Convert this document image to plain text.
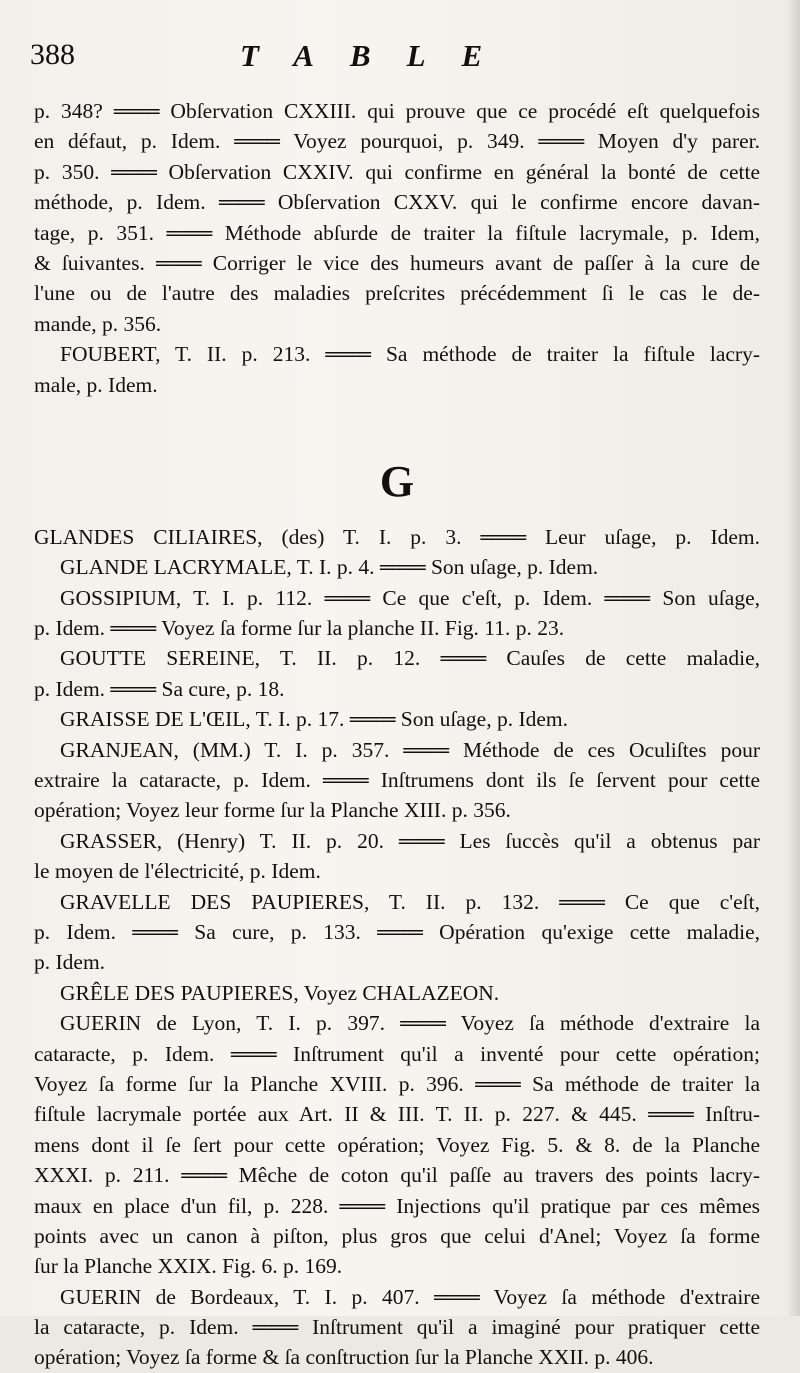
388	TABLE
p. 348? ═══ Obſervation CXXIII. qui prouve que ce procédé eſt quelquefois
en défaut, p. Idem. ═══ Voyez pourquoi, p. 349. ═══ Moyen d'y parer.
p. 350. ═══ Obſervation CXXIV. qui confirme en général la bonté de cette
méthode, p. Idem. ═══ Obſervation CXXV. qui le confirme encore davan-
tage, p. 351. ═══ Méthode abſurde de traiter la fiſtule lacrymale, p. Idem,
& ſuivantes. ═══ Corriger le vice des humeurs avant de paſſer à la cure de
l'une ou de l'autre des maladies preſcrites précédemment ſi le cas le de-
mande, p. 356.
FOUBERT, T. II. p. 213. ═══ Sa méthode de traiter la fiſtule lacry-
male, p. Idem.
G
GLANDES CILIAIRES, (des) T. I. p. 3. ═══ Leur uſage, p. Idem.
GLANDE LACRYMALE, T. I. p. 4. ═══ Son uſage, p. Idem.
GOSSIPIUM, T. I. p. 112. ═══ Ce que c'eſt, p. Idem. ═══ Son uſage,
p. Idem. ═══ Voyez ſa forme ſur la planche II. Fig. 11. p. 23.
GOUTTE SEREINE, T. II. p. 12. ═══ Cauſes de cette maladie,
p. Idem. ═══ Sa cure, p. 18.
GRAISSE DE L'ŒIL, T. I. p. 17. ═══ Son uſage, p. Idem.
GRANJEAN, (MM.) T. I. p. 357. ═══ Méthode de ces Oculiſtes pour
extraire la cataracte, p. Idem. ═══ Inſtrumens dont ils ſe ſervent pour cette
opération; Voyez leur forme ſur la Planche XIII. p. 356.
GRASSER, (Henry) T. II. p. 20. ═══ Les ſuccès qu'il a obtenus par
le moyen de l'électricité, p. Idem.
GRAVELLE DES PAUPIERES, T. II. p. 132. ═══ Ce que c'eſt,
p. Idem. ═══ Sa cure, p. 133. ═══ Opération qu'exige cette maladie,
p. Idem.
GRÊLE DES PAUPIERES, Voyez CHALAZEON.
GUERIN de Lyon, T. I. p. 397. ═══ Voyez ſa méthode d'extraire la
cataracte, p. Idem. ═══ Inſtrument qu'il a inventé pour cette opération;
Voyez ſa forme ſur la Planche XVIII. p. 396. ═══ Sa méthode de traiter la
fiſtule lacrymale portée aux Art. II & III. T. II. p. 227. & 445. ═══ Inſtru-
mens dont il ſe ſert pour cette opération; Voyez Fig. 5. & 8. de la Planche
XXXI. p. 211. ═══ Mêche de coton qu'il paſſe au travers des points lacry-
maux en place d'un fil, p. 228. ═══ Injections qu'il pratique par ces mêmes
points avec un canon à piſton, plus gros que celui d'Anel; Voyez ſa forme
ſur la Planche XXIX. Fig. 6. p. 169.
GUERIN de Bordeaux, T. I. p. 407. ═══ Voyez ſa méthode d'extraire
la cataracte, p. Idem. ═══ Inſtrument qu'il a imaginé pour pratiquer cette
opération; Voyez ſa forme & ſa conſtruction ſur la Planche XXII. p. 406.
